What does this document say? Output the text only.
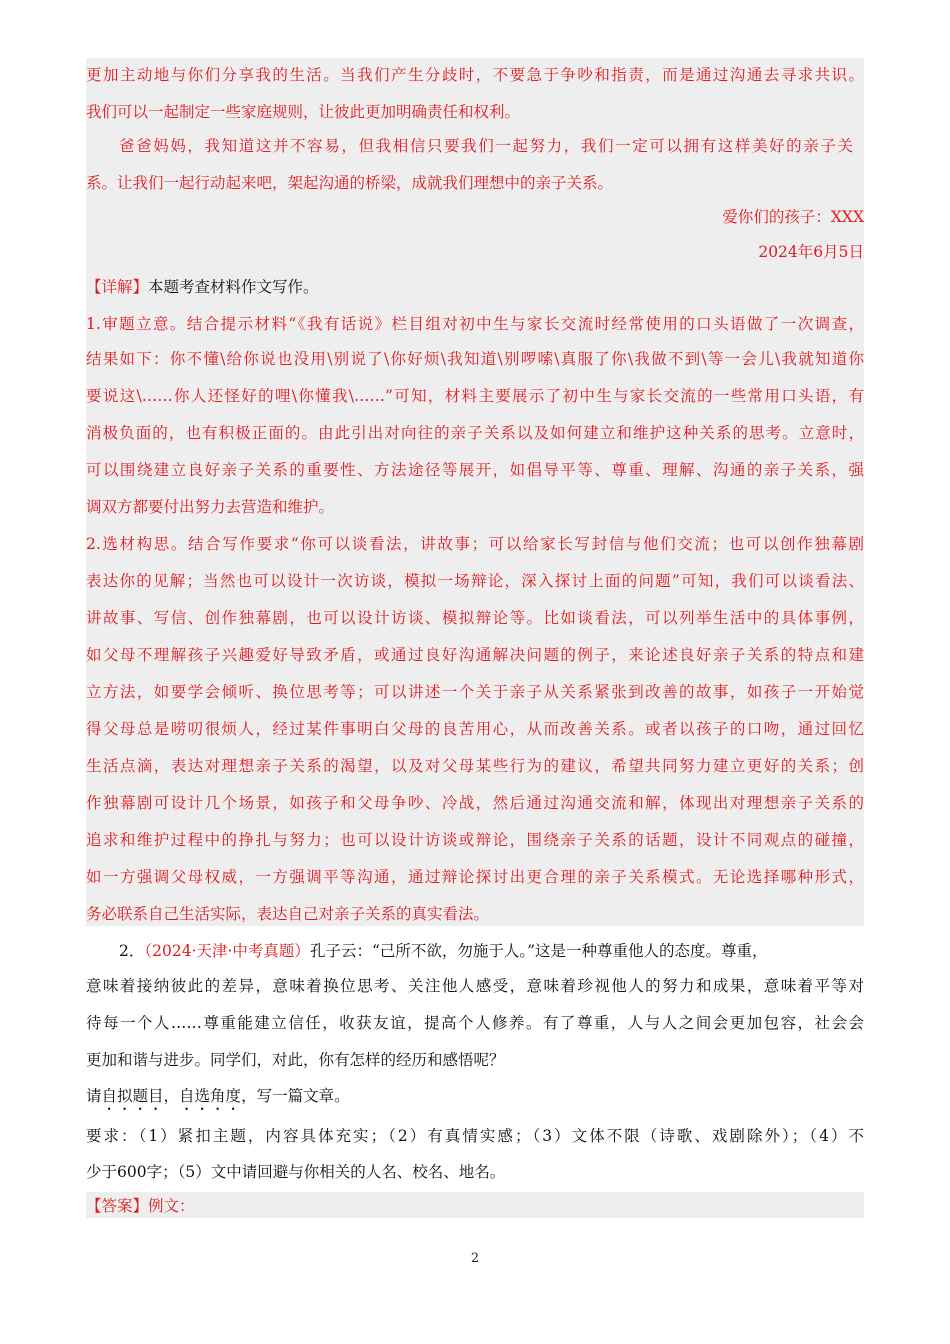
更加主动地与你们分享我的生活。当我们产生分歧时，不要急于争吵和指责，而是通过沟通去寻求共识。
我们可以一起制定一些家庭规则，让彼此更加明确责任和权利。
爸爸妈妈，我知道这并不容易，但我相信只要我们一起努力，我们一定可以拥有这样美好的亲子关
系。让我们一起行动起来吧，架起沟通的桥梁，成就我们理想中的亲子关系。
爱你们的孩子：XXX
2024年6月5日
【详解】本题考查材料作文写作。
1.审题立意。结合提示材料“《我有话说》栏目组对初中生与家长交流时经常使用的口头语做了一次调查，
结果如下：你不懂\给你说也没用\别说了\你好烦\我知道\别啰嗦\真服了你\我做不到\等一会儿\我就知道你
要说这\……你人还怪好的哩\你懂我\……”可知，材料主要展示了初中生与家长交流的一些常用口头语，有
消极负面的，也有积极正面的。由此引出对向往的亲子关系以及如何建立和维护这种关系的思考。立意时，
可以围绕建立良好亲子关系的重要性、方法途径等展开，如倡导平等、尊重、理解、沟通的亲子关系，强
调双方都要付出努力去营造和维护。
2.选材构思。结合写作要求“你可以谈看法，讲故事；可以给家长写封信与他们交流；也可以创作独幕剧
表达你的见解；当然也可以设计一次访谈，模拟一场辩论，深入探讨上面的问题”可知，我们可以谈看法、
讲故事、写信、创作独幕剧，也可以设计访谈、模拟辩论等。比如谈看法，可以列举生活中的具体事例，
如父母不理解孩子兴趣爱好导致矛盾，或通过良好沟通解决问题的例子，来论述良好亲子关系的特点和建
立方法，如要学会倾听、换位思考等；可以讲述一个关于亲子从关系紧张到改善的故事，如孩子一开始觉
得父母总是唠叨很烦人，经过某件事明白父母的良苦用心，从而改善关系。或者以孩子的口吻，通过回忆
生活点滴，表达对理想亲子关系的渴望，以及对父母某些行为的建议，希望共同努力建立更好的关系；创
作独幕剧可设计几个场景，如孩子和父母争吵、冷战，然后通过沟通交流和解，体现出对理想亲子关系的
追求和维护过程中的挣扎与努力；也可以设计访谈或辩论，围绕亲子关系的话题，设计不同观点的碰撞，
如一方强调父母权威，一方强调平等沟通，通过辩论探讨出更合理的亲子关系模式。无论选择哪种形式，
务必联系自己生活实际，表达自己对亲子关系的真实看法。
2．（2024·天津·中考真题）孔子云：“己所不欲，勿施于人。”这是一种尊重他人的态度。尊重，
意味着接纳彼此的差异，意味着换位思考、关注他人感受，意味着珍视他人的努力和成果，意味着平等对
待每一个人……尊重能建立信任，收获友谊，提高个人修养。有了尊重，人与人之间会更加包容，社会会
更加和谐与进步。同学们，对此，你有怎样的经历和感悟呢？
请自拟题目，自选角度，写一篇文章。
要求：（1）紧扣主题，内容具体充实；（2）有真情实感；（3）文体不限（诗歌、戏剧除外）；（4）不
少于600字；（5）文中请回避与你相关的人名、校名、地名。
【答案】例文：
2
